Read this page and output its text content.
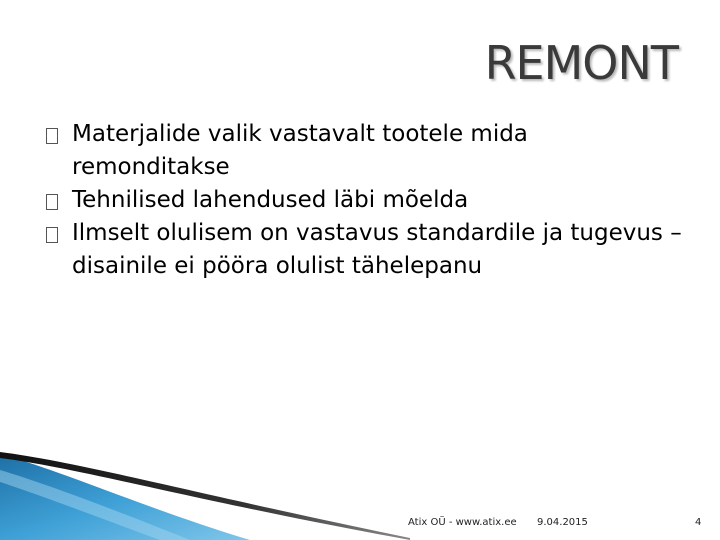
REMONT
Materjalide valik vastavalt tootele mida remonditakse
Tehnilised lahendused läbi mõelda
Ilmselt olulisem on vastavus standardile ja tugevus – disainile ei pööra olulist tähelepanu
Atix OÜ - www.atix.ee 9.04.2015	4
